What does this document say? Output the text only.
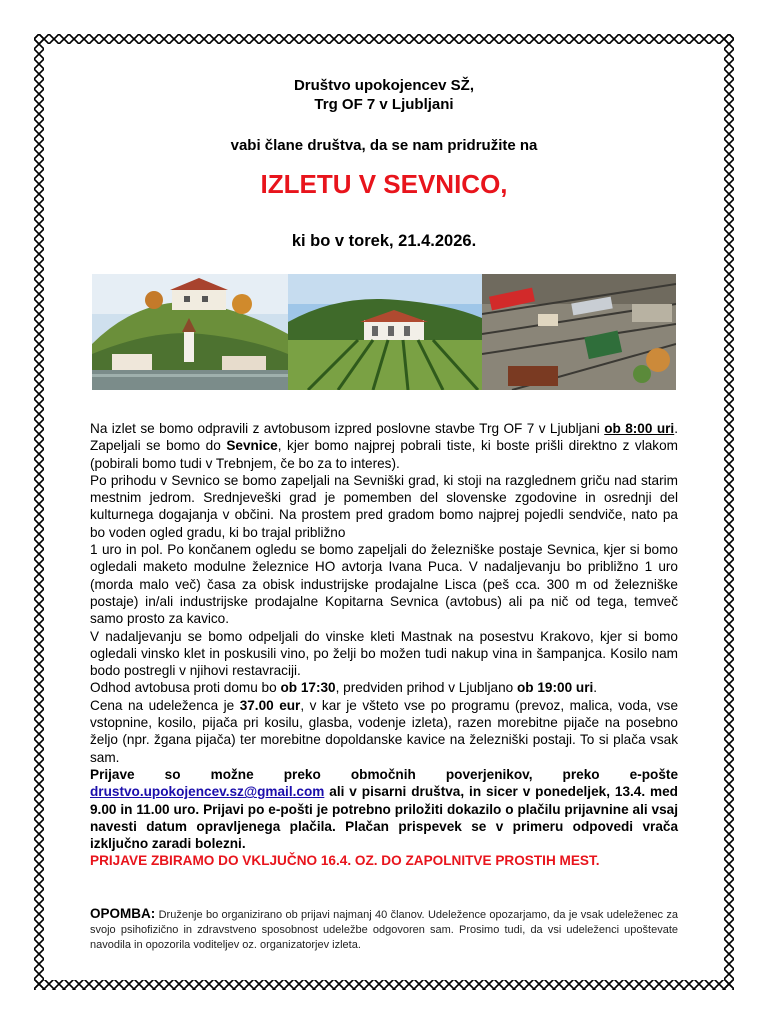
Društvo upokojencev SŽ,
Trg OF 7 v Ljubljani
vabi člane društva, da se nam pridružite na
IZLETU V SEVNICO,
ki bo v torek, 21.4.2026.

Na izlet se bomo odpravili z avtobusom izpred poslovne stavbe Trg OF 7 v Ljubljani ob 8:00 uri. Zapeljali se bomo do Sevnice, kjer bomo najprej pobrali tiste, ki boste prišli direktno z vlakom (pobirali bomo tudi v Trebnjem, če bo za to interes).

Po prihodu v Sevnico se bomo zapeljali na Sevniški grad, ki stoji na razglednem griču nad starim mestnim jedrom. Srednjeveški grad je pomemben del slovenske zgodovine in osrednji del kulturnega dogajanja v občini. Na prostem pred gradom bomo najprej pojedli sendviče, nato pa bo voden ogled gradu, ki bo trajal približno

1 uro in pol. Po končanem ogledu se bomo zapeljali do železniške postaje Sevnica, kjer si bomo ogledali maketo modulne železnice HO avtorja Ivana Puca. V nadaljevanju bo približno 1 uro (morda malo več) časa za obisk industrijske prodajalne Lisca (peš cca. 300 m od železniške postaje) in/ali industrijske prodajalne Kopitarna Sevnica (avtobus) ali pa nič od tega, temveč samo prosto za kavico.

V nadaljevanju se bomo odpeljali do vinske kleti Mastnak na posestvu Krakovo, kjer si bomo ogledali vinsko klet in poskusili vino, po želji bo možen tudi nakup vina in šampanjca. Kosilo nam bodo postregli v njihovi restavraciji.

Odhod avtobusa proti domu bo ob 17:30, predviden prihod v Ljubljano ob 19:00 uri.

Cena na udeleženca je 37.00 eur, v kar je všteto vse po programu (prevoz, malica, voda, vse vstopnine, kosilo, pijača pri kosilu, glasba, vodenje izleta), razen morebitne pijače na posebno željo (npr. žgana pijača) ter morebitne dopoldanske kavice na železniški postaji. To si plača vsak sam.

Prijave so možne preko območnih poverjenikov, preko e-pošte drustvo.upokojencev.sz@gmail.com ali v pisarni društva, in sicer v ponedeljek, 13.4. med 9.00 in 11.00 uro. Prijavi po e-pošti je potrebno priložiti dokazilo o plačilu prijavnine ali vsaj navesti datum opravljenega plačila. Plačan prispevek se v primeru odpovedi vrača izključno zaradi bolezni.

PRIJAVE ZBIRAMO DO VKLJUČNO 16.4. OZ. DO ZAPOLNITVE PROSTIH MEST.

OPOMBA: Druženje bo organizirano ob prijavi najmanj 40 članov. Udeležence opozarjamo, da je vsak udeleženec za svojo psihofizično in zdravstveno sposobnost udeležbe odgovoren sam. Prosimo tudi, da vsi udeleženci upoštevate navodila in opozorila voditeljev oz. organizatorjev izleta.
